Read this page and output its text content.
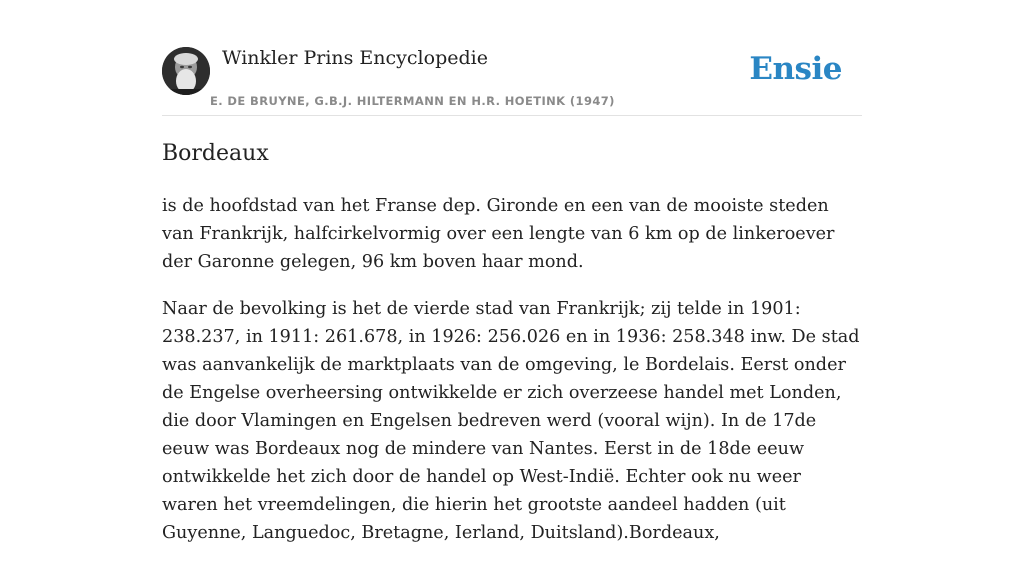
Winkler Prins Encyclopedie
E. DE BRUYNE, G.B.J. HILTERMANN EN H.R. HOETINK (1947)
Ensie
Bordeaux

is de hoofdstad van het Franse dep. Gironde en een van de mooiste steden van Frankrijk, halfcirkelvormig over een lengte van 6 km op de linkeroever der Garonne gelegen, 96 km boven haar mond.

Naar de bevolking is het de vierde stad van Frankrijk; zij telde in 1901: 238.237, in 1911: 261.678, in 1926: 256.026 en in 1936: 258.348 inw. De stad was aanvankelijk de marktplaats van de omgeving, le Bordelais. Eerst onder de Engelse overheersing ontwikkelde er zich overzeese handel met Londen, die door Vlamingen en Engelsen bedreven werd (vooral wijn). In de 17de eeuw was Bordeaux nog de mindere van Nantes. Eerst in de 18de eeuw ontwikkelde het zich door de handel op West-Indië. Echter ook nu weer waren het vreemdelingen, die hierin het grootste aandeel hadden (uit Guyenne, Languedoc, Bretagne, Ierland, Duitsland).Bordeaux,
